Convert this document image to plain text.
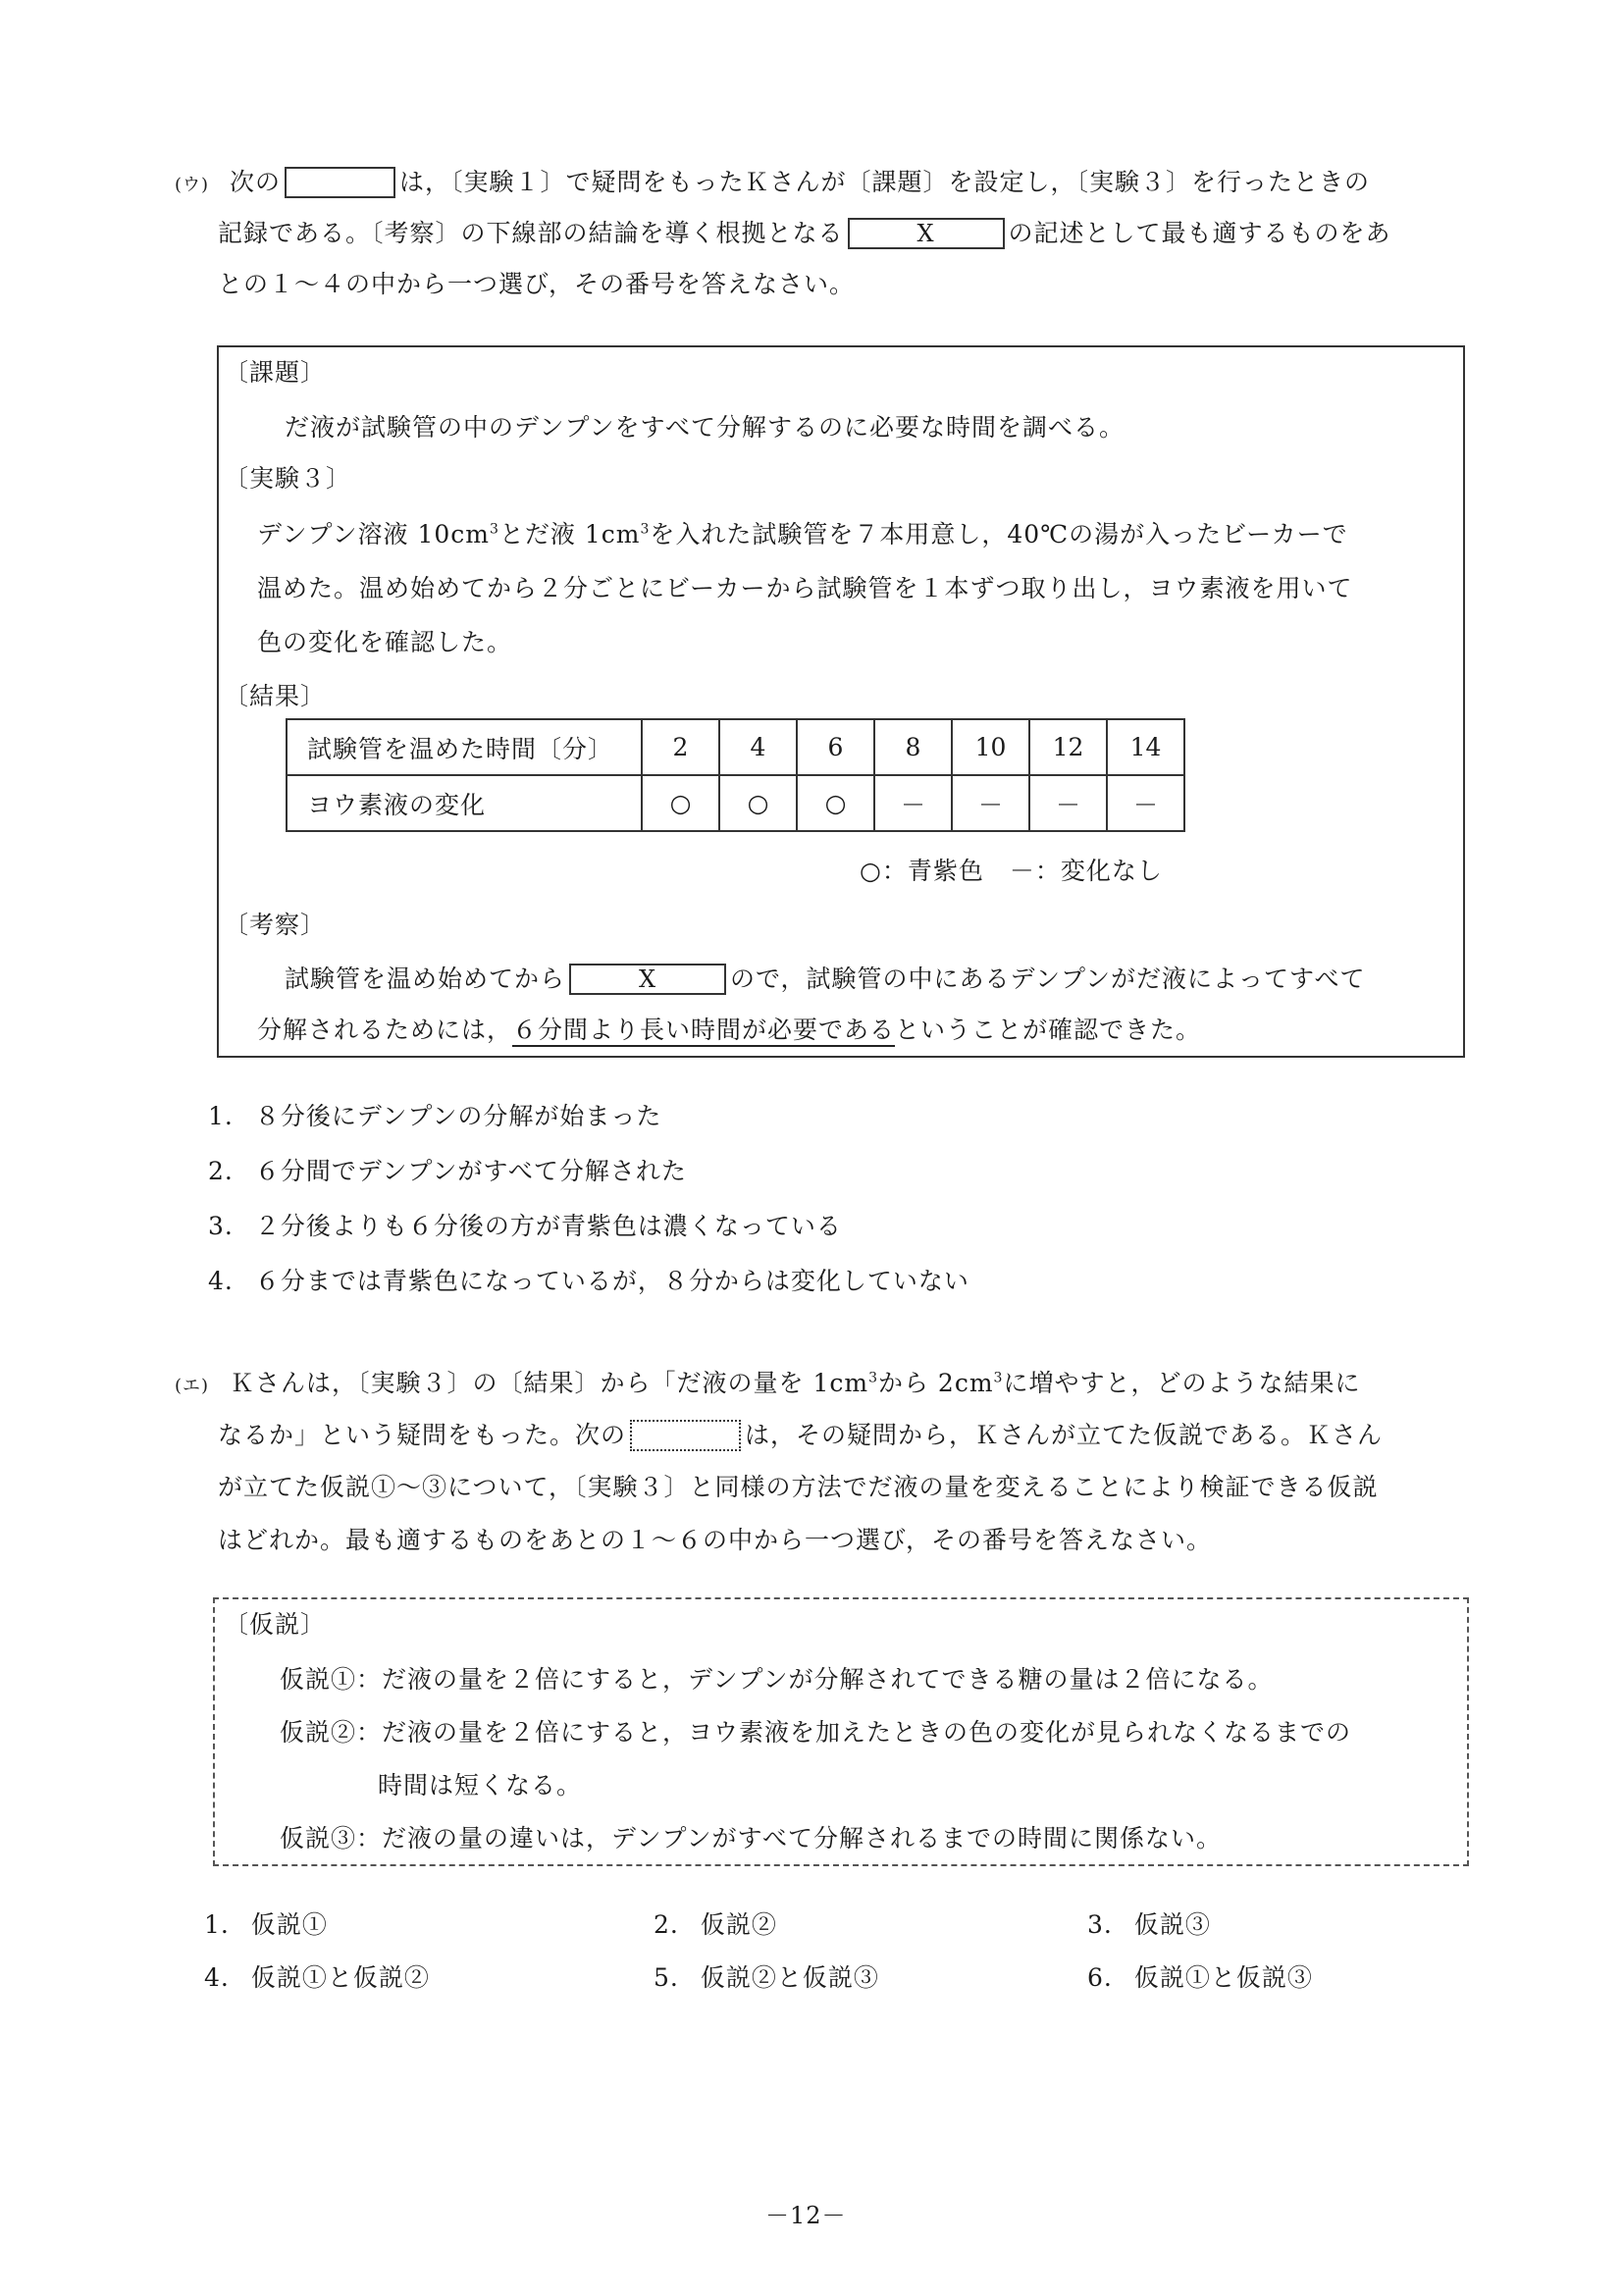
(ウ) 次の	は，〔実験１〕で疑問をもったＫさんが〔課題〕を設定し，〔実験３〕を行ったときの
記録である。〔考察〕の下線部の結論を導く根拠となる	X	の記述として最も適するものをあ
との１～４の中から一つ選び，その番号を答えなさい。
〔課題〕
だ液が試験管の中のデンプンをすべて分解するのに必要な時間を調べる。
〔実験３〕
デンプン溶液 $10cm^3$とだ液 $1cm^3$を入れた試験管を７本用意し，40℃の湯が入ったビーカーで
温めた。温め始めてから２分ごとにビーカーから試験管を１本ずつ取り出し，ヨウ素液を用いて
色の変化を確認した。
〔結果〕
試験管を温めた時間〔分〕	2	4	6	8	10	12	14
ヨウ素液の変化	○	○	○	－	－	－	－
○：青紫色　－：変化なし
〔考察〕
試験管を温め始めてから	X	ので，試験管の中にあるデンプンがだ液によってすべて
分解されるためには，６分間より長い時間が必要であるということが確認できた。
1. ８分後にデンプンの分解が始まった
2. ６分間でデンプンがすべて分解された
3. ２分後よりも６分後の方が青紫色は濃くなっている
4. ６分までは青紫色になっているが，８分からは変化していない
(エ) Ｋさんは，〔実験３〕の〔結果〕から「だ液の量を $1cm^3$から $2cm^3$に増やすと，どのような結果に
なるか」という疑問をもった。次の	は，その疑問から，Ｋさんが立てた仮説である。Ｋさん
が立てた仮説①～③について，〔実験３〕と同様の方法でだ液の量を変えることにより検証できる仮説
はどれか。最も適するものをあとの１～６の中から一つ選び，その番号を答えなさい。
〔仮説〕
仮説①：だ液の量を２倍にすると，デンプンが分解されてできる糖の量は２倍になる。
仮説②：だ液の量を２倍にすると，ヨウ素液を加えたときの色の変化が見られなくなるまでの
時間は短くなる。
仮説③：だ液の量の違いは，デンプンがすべて分解されるまでの時間に関係ない。
1. 仮説①	2. 仮説②	3. 仮説③
4. 仮説①と仮説②	5. 仮説②と仮説③	6. 仮説①と仮説③
－12－
